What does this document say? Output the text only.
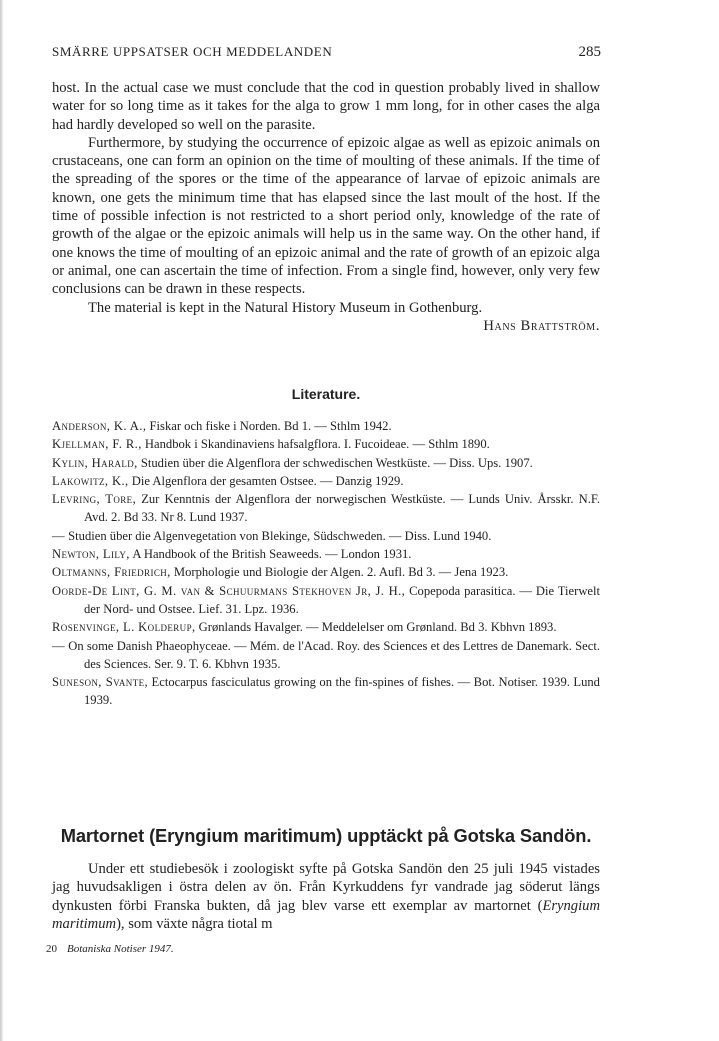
SMÄRRE UPPSATSER OCH MEDDELANDEN	285

host. In the actual case we must conclude that the cod in question probably lived in shallow water for so long time as it takes for the alga to grow 1 mm long, for in other cases the alga had hardly developed so well on the parasite.

Furthermore, by studying the occurrence of epizoic algae as well as epizoic animals on crustaceans, one can form an opinion on the time of moulting of these animals. If the time of the spreading of the spores or the time of the appearance of larvae of epizoic animals are known, one gets the minimum time that has elapsed since the last moult of the host. If the time of possible infection is not restricted to a short period only, knowledge of the rate of growth of the algae or the epizoic animals will help us in the same way. On the other hand, if one knows the time of moulting of an epizoic animal and the rate of growth of an epizoic alga or animal, one can ascertain the time of infection. From a single find, however, only very few conclusions can be drawn in these respects.

The material is kept in the Natural History Museum in Gothenburg.

Hans Brattström.

Literature.

Anderson, K. A., Fiskar och fiske i Norden. Bd 1. — Sthlm 1942.

Kjellman, F. R., Handbok i Skandinaviens hafsalgflora. I. Fucoideae. — Sthlm 1890.

Kylin, Harald, Studien über die Algenflora der schwedischen Westküste. — Diss. Ups. 1907.

Lakowitz, K., Die Algenflora der gesamten Ostsee. — Danzig 1929.

Levring, Tore, Zur Kenntnis der Algenflora der norwegischen Westküste. — Lunds Univ. Årsskr. N.F. Avd. 2. Bd 33. Nr 8. Lund 1937.

— Studien über die Algenvegetation von Blekinge, Südschweden. — Diss. Lund 1940.

Newton, Lily, A Handbook of the British Seaweeds. — London 1931.

Oltmanns, Friedrich, Morphologie und Biologie der Algen. 2. Aufl. Bd 3. — Jena 1923.

Oorde-De Lint, G. M. van & Schuurmans Stekhoven Jr, J. H., Copepoda parasitica. — Die Tierwelt der Nord- und Ostsee. Lief. 31. Lpz. 1936.

Rosenvinge, L. Kolderup, Grønlands Havalger. — Meddelelser om Grønland. Bd 3. Kbhvn 1893.

— On some Danish Phaeophyceae. — Mém. de l'Acad. Roy. des Sciences et des Lettres de Danemark. Sect. des Sciences. Ser. 9. T. 6. Kbhvn 1935.

Suneson, Svante, Ectocarpus fasciculatus growing on the fin-spines of fishes. — Bot. Notiser. 1939. Lund 1939.

Martornet (Eryngium maritimum) upptäckt på Gotska Sandön.

Under ett studiebesök i zoologiskt syfte på Gotska Sandön den 25 juli 1945 vistades jag huvudsakligen i östra delen av ön. Från Kyrkuddens fyr vandrade jag söderut längs dynkusten förbi Franska bukten, då jag blev varse ett exemplar av martornet (Eryngium maritimum), som växte några tiotal m

20 Botaniska Notiser 1947.
